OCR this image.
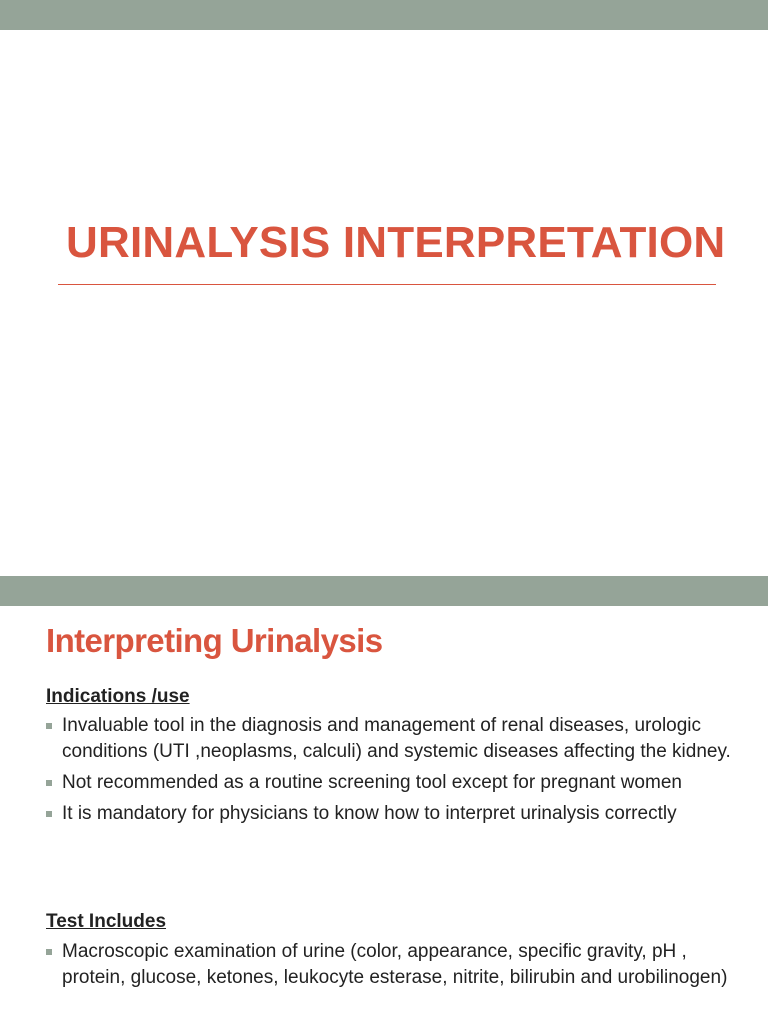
URINALYSIS INTERPRETATION
Interpreting Urinalysis
Indications /use
Invaluable tool in the diagnosis and management of renal diseases, urologic conditions (UTI ,neoplasms, calculi) and systemic diseases affecting the kidney.
Not recommended as a routine screening tool except for pregnant women
It is mandatory for physicians to know how to interpret urinalysis correctly
Test Includes
Macroscopic examination of urine (color, appearance, specific gravity, pH , protein, glucose, ketones, leukocyte esterase, nitrite, bilirubin and urobilinogen)
